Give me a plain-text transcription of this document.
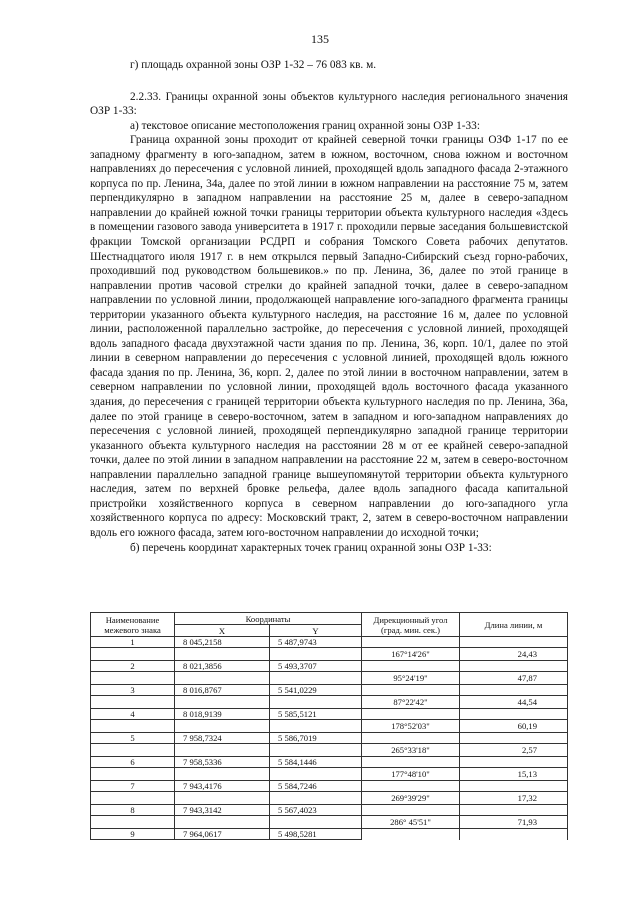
135

г) площадь охранной зоны ОЗР 1-32 – 76 083 кв. м.

2.2.33. Границы охранной зоны объектов культурного наследия регионального значения ОЗР 1-33:

а) текстовое описание местоположения границ охранной зоны ОЗР 1-33:

Граница охранной зоны проходит от крайней северной точки границы ОЗФ 1-17 по ее западному фрагменту в юго-западном, затем в южном, восточном, снова южном и восточном направлениях до пересечения с условной линией, проходящей вдоль западного фасада 2-этажного корпуса по пр. Ленина, 34а, далее по этой линии в южном направлении на расстояние 75 м, затем перпендикулярно в западном направлении на расстояние 25 м, далее в северо-западном направлении до крайней южной точки границы территории объекта культурного наследия «Здесь в помещении газового завода университета в 1917 г. проходили первые заседания большевистской фракции Томской организации РСДРП и собрания Томского Совета рабочих депутатов. Шестнадцатого июля 1917 г. в нем открылся первый Западно-Сибирский съезд горно-рабочих, проходивший под руководством большевиков.» по пр. Ленина, 36, далее по этой границе в направлении против часовой стрелки до крайней западной точки, далее в северо-западном направлении по условной линии, продолжающей направление юго-западного фрагмента границы территории указанного объекта культурного наследия, на расстояние 16 м, далее по условной линии, расположенной параллельно застройке, до пересечения с условной линией, проходящей вдоль западного фасада двухэтажной части здания по пр. Ленина, 36, корп. 10/1, далее по этой линии в северном направлении до пересечения с условной линией, проходящей вдоль южного фасада здания по пр. Ленина, 36, корп. 2, далее по этой линии в восточном направлении, затем в северном направлении по условной линии, проходящей вдоль восточного фасада указанного здания, до пересечения с границей территории объекта культурного наследия по пр. Ленина, 36а, далее по этой границе в северо-восточном, затем в западном и юго-западном направлениях до пересечения с условной линией, проходящей перпендикулярно западной границе территории указанного объекта культурного наследия на расстоянии 28 м от ее крайней северо-западной точки, далее по этой линии в западном направлении на расстояние 22 м, затем в северо-восточном направлении параллельно западной границе вышеупомянутой территории объекта культурного наследия, затем по верхней бровке рельефа, далее вдоль западного фасада капитальной пристройки хозяйственного корпуса в северном направлении до юго-западного угла хозяйственного корпуса по адресу: Московский тракт, 2, затем в северо-восточном направлении вдоль его южного фасада, затем юго-восточном направлении до исходной точки;

б) перечень координат характерных точек границ охранной зоны ОЗР 1-33:

Наименование межевого знака	Координаты		Дирекционный угол (град. мин. сек.)	Длина линии, м
	X	Y		
1	8 045,2158	5 487,9743		
			167°14'26"	24,43
2	8 021,3856	5 493,3707		
			95°24'19"	47,87
3	8 016,8767	5 541,0229		
			87°22'42"	44,54
4	8 018,9139	5 585,5121		
			178°52'03"	60,19
5	7 958,7324	5 586,7019		
			265°33'18"	2,57
6	7 958,5336	5 584,1446		
			177°48'10"	15,13
7	7 943,4176	5 584,7246		
			269°39'29"	17,32
8	7 943,3142	5 567,4023		
			286° 45'51"	71,93
9	7 964,0617	5 498,5281		
